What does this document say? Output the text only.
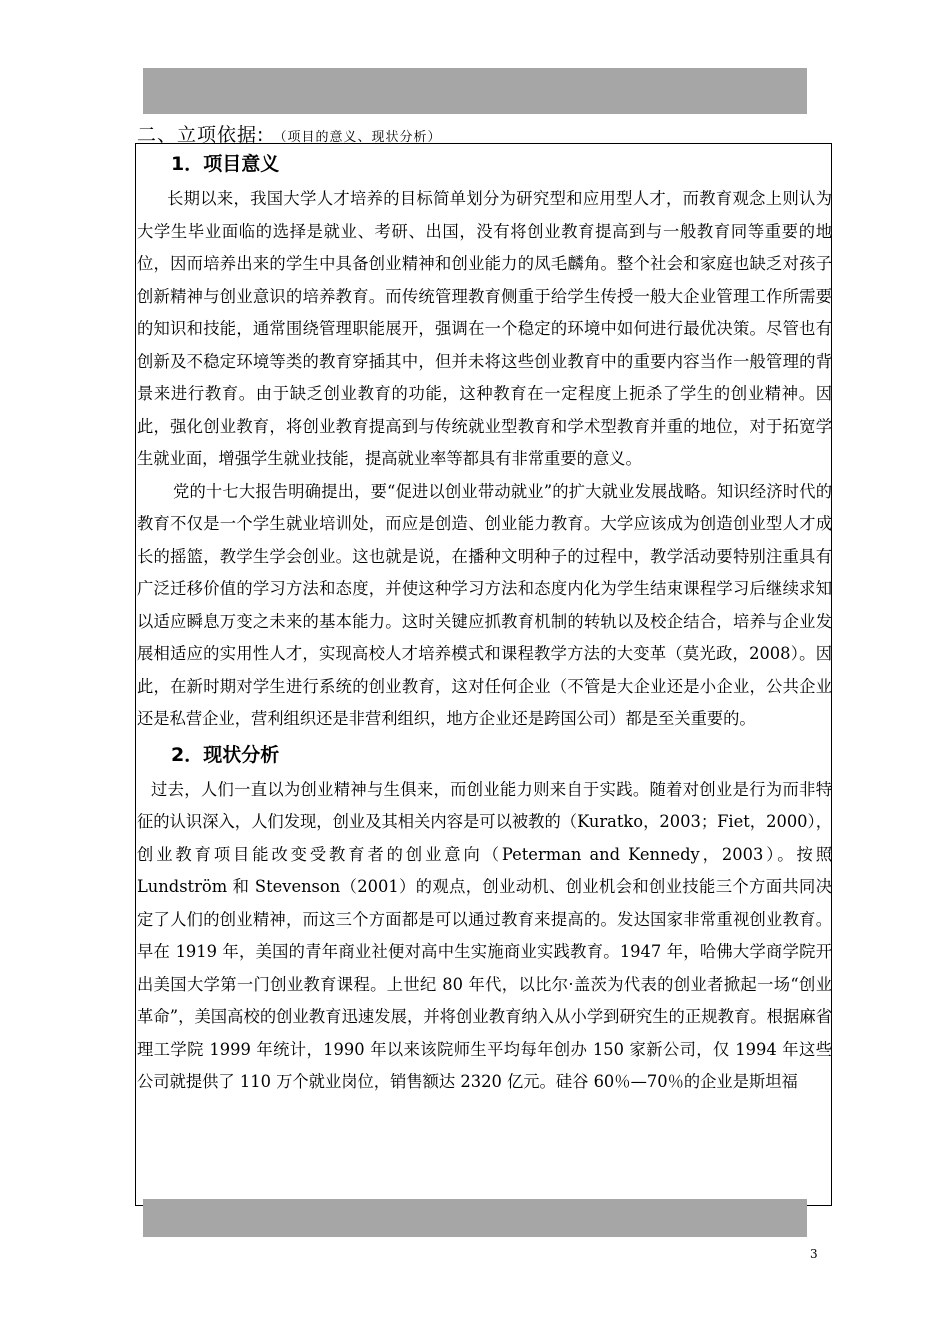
二、立项依据: （项目的意义、现状分析）
1．项目意义

长期以来，我国大学人才培养的目标简单划分为研究型和应用型人才，而教育观念上则认为大学生毕业面临的选择是就业、考研、出国，没有将创业教育提高到与一般教育同等重要的地位，因而培养出来的学生中具备创业精神和创业能力的凤毛麟角。整个社会和家庭也缺乏对孩子创新精神与创业意识的培养教育。而传统管理教育侧重于给学生传授一般大企业管理工作所需要的知识和技能，通常围绕管理职能展开，强调在一个稳定的环境中如何进行最优决策。尽管也有创新及不稳定环境等类的教育穿插其中，但并未将这些创业教育中的重要内容当作一般管理的背景来进行教育。由于缺乏创业教育的功能，这种教育在一定程度上扼杀了学生的创业精神。因此，强化创业教育，将创业教育提高到与传统就业型教育和学术型教育并重的地位，对于拓宽学生就业面，增强学生就业技能，提高就业率等都具有非常重要的意义。

党的十七大报告明确提出，要“促进以创业带动就业”的扩大就业发展战略。知识经济时代的教育不仅是一个学生就业培训处，而应是创造、创业能力教育。大学应该成为创造创业型人才成长的摇篮，教学生学会创业。这也就是说，在播种文明种子的过程中，教学活动要特别注重具有广泛迁移价值的学习方法和态度，并使这种学习方法和态度内化为学生结束课程学习后继续求知以适应瞬息万变之未来的基本能力。这时关键应抓教育机制的转轨以及校企结合，培养与企业发展相适应的实用性人才，实现高校人才培养模式和课程教学方法的大变革（莫光政，2008）。因此，在新时期对学生进行系统的创业教育，这对任何企业（不管是大企业还是小企业，公共企业还是私营企业，营利组织还是非营利组织，地方企业还是跨国公司）都是至关重要的。

2．现状分析

过去，人们一直以为创业精神与生俱来，而创业能力则来自于实践。随着对创业是行为而非特征的认识深入，人们发现，创业及其相关内容是可以被教的（Kuratko，2003；Fiet，2000），创业教育项目能改变受教育者的创业意向（Peterman and Kennedy，2003）。按照 Lundström 和 Stevenson（2001）的观点，创业动机、创业机会和创业技能三个方面共同决定了人们的创业精神，而这三个方面都是可以通过教育来提高的。发达国家非常重视创业教育。早在 1919 年，美国的青年商业社便对高中生实施商业实践教育。1947 年，哈佛大学商学院开出美国大学第一门创业教育课程。上世纪 80 年代，以比尔·盖茨为代表的创业者掀起一场“创业革命”，美国高校的创业教育迅速发展，并将创业教育纳入从小学到研究生的正规教育。根据麻省理工学院 1999 年统计，1990 年以来该院师生平均每年创办 150 家新公司，仅 1994 年这些公司就提供了 110 万个就业岗位，销售额达 2320 亿元。硅谷 60％—70％的企业是斯坦福

3
